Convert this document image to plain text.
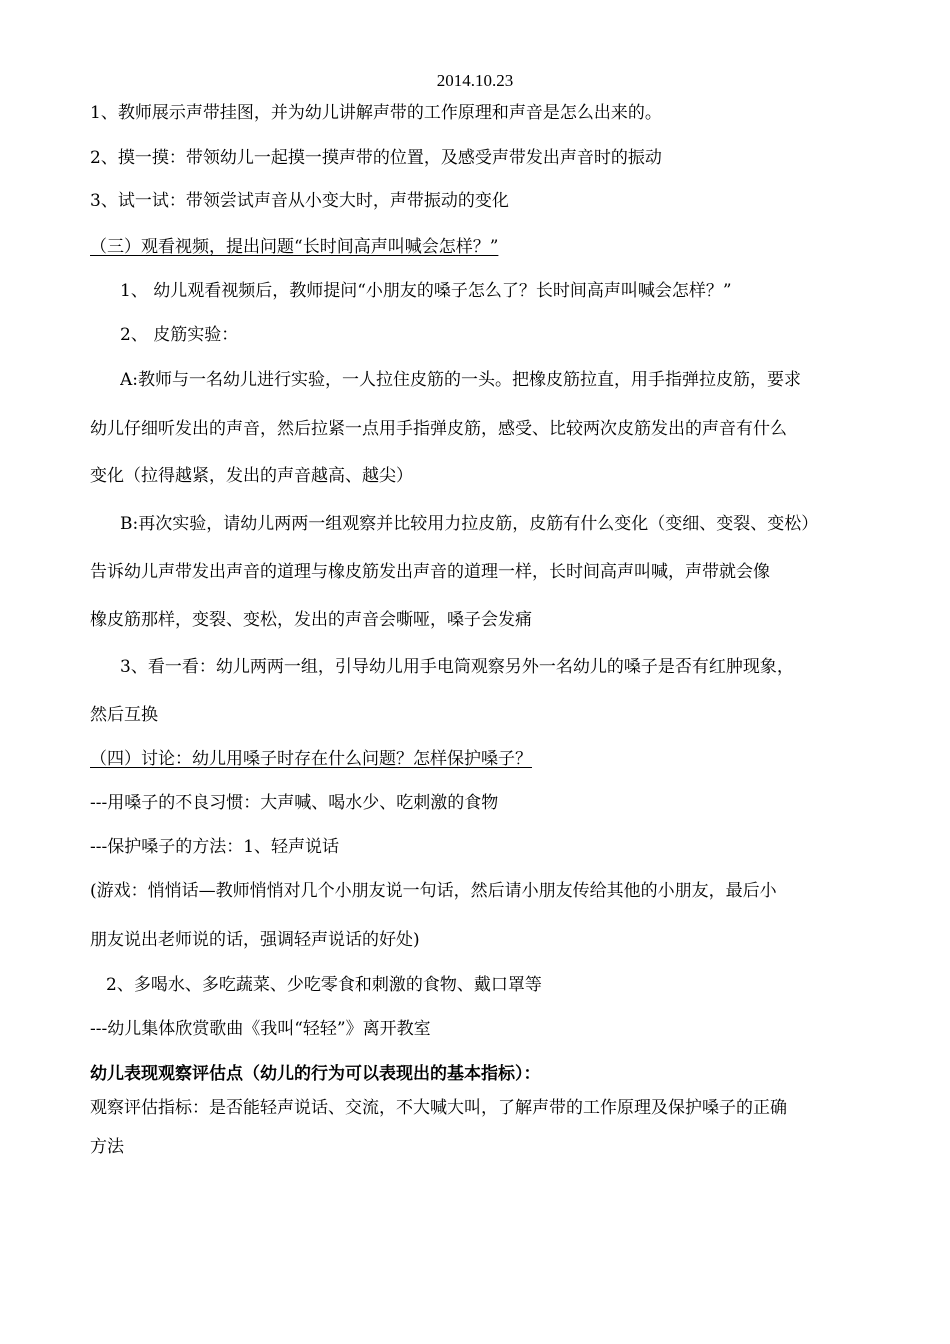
2014.10.23
1、教师展示声带挂图，并为幼儿讲解声带的工作原理和声音是怎么出来的。
2、摸一摸：带领幼儿一起摸一摸声带的位置，及感受声带发出声音时的振动
3、试一试：带领尝试声音从小变大时，声带振动的变化
（三）观看视频，提出问题“长时间高声叫喊会怎样？”
1、 幼儿观看视频后，教师提问“小朋友的嗓子怎么了？长时间高声叫喊会怎样？”
2、 皮筋实验：
A:教师与一名幼儿进行实验，一人拉住皮筋的一头。把橡皮筋拉直，用手指弹拉皮筋，要求
幼儿仔细听发出的声音，然后拉紧一点用手指弹皮筋，感受、比较两次皮筋发出的声音有什么
变化（拉得越紧，发出的声音越高、越尖）
B:再次实验，请幼儿两两一组观察并比较用力拉皮筋，皮筋有什么变化（变细、变裂、变松）
告诉幼儿声带发出声音的道理与橡皮筋发出声音的道理一样，长时间高声叫喊，声带就会像
橡皮筋那样，变裂、变松，发出的声音会嘶哑，嗓子会发痛
3、看一看：幼儿两两一组，引导幼儿用手电筒观察另外一名幼儿的嗓子是否有红肿现象，
然后互换
（四）讨论：幼儿用嗓子时存在什么问题？怎样保护嗓子？
---用嗓子的不良习惯：大声喊、喝水少、吃刺激的食物
---保护嗓子的方法：1、轻声说话
(游戏：悄悄话—教师悄悄对几个小朋友说一句话，然后请小朋友传给其他的小朋友，最后小
朋友说出老师说的话，强调轻声说话的好处)
2、多喝水、多吃蔬菜、少吃零食和刺激的食物、戴口罩等
---幼儿集体欣赏歌曲《我叫“轻轻”》离开教室
幼儿表现观察评估点（幼儿的行为可以表现出的基本指标）：
观察评估指标：是否能轻声说话、交流，不大喊大叫，了解声带的工作原理及保护嗓子的正确
方法
